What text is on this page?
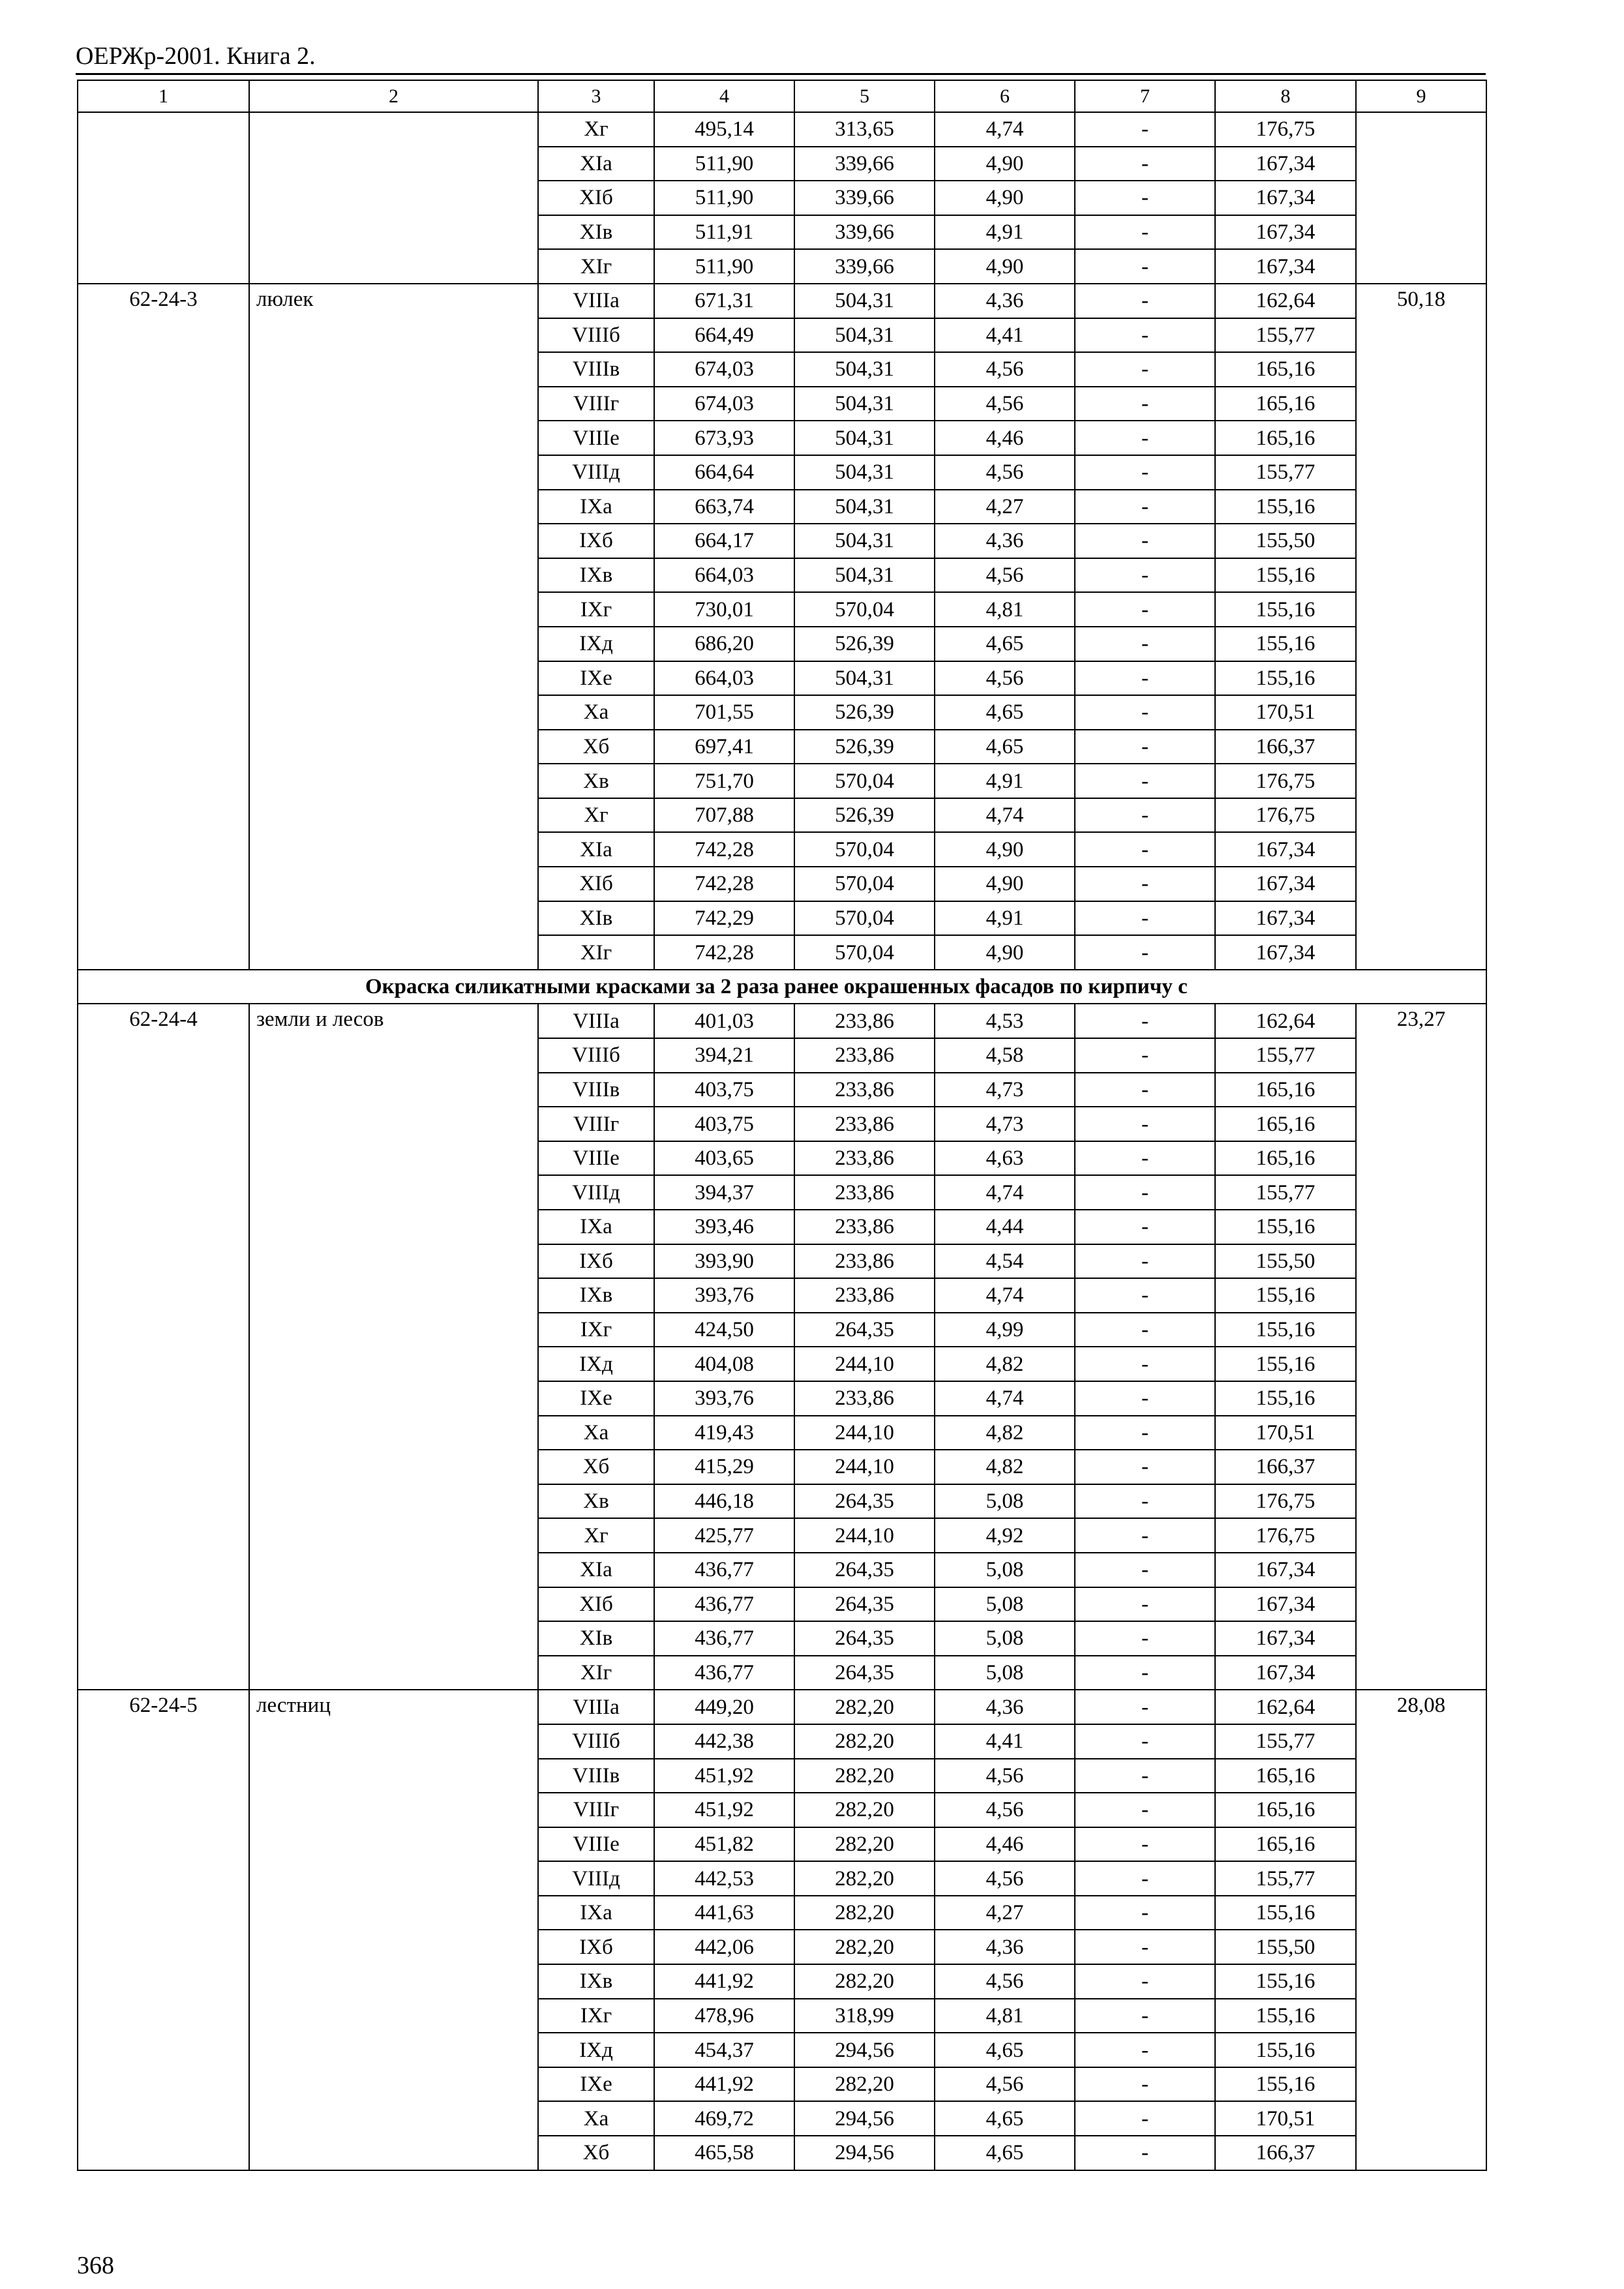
ОЕРЖр-2001. Книга 2.
1	2	3	4	5	6	7	8	9
		Xг	495,14	313,65	4,74	-	176,75	
		XIа	511,90	339,66	4,90	-	167,34	
		XIб	511,90	339,66	4,90	-	167,34	
		XIв	511,91	339,66	4,91	-	167,34	
		XIг	511,90	339,66	4,90	-	167,34	
62-24-3	люлек	VIIIа	671,31	504,31	4,36	-	162,64	50,18
		VIIIб	664,49	504,31	4,41	-	155,77	
		VIIIв	674,03	504,31	4,56	-	165,16	
		VIIIг	674,03	504,31	4,56	-	165,16	
		VIIIе	673,93	504,31	4,46	-	165,16	
		VIIIд	664,64	504,31	4,56	-	155,77	
		IXа	663,74	504,31	4,27	-	155,16	
		IXб	664,17	504,31	4,36	-	155,50	
		IXв	664,03	504,31	4,56	-	155,16	
		IXг	730,01	570,04	4,81	-	155,16	
		IXд	686,20	526,39	4,65	-	155,16	
		IXе	664,03	504,31	4,56	-	155,16	
		Xа	701,55	526,39	4,65	-	170,51	
		Xб	697,41	526,39	4,65	-	166,37	
		Xв	751,70	570,04	4,91	-	176,75	
		Xг	707,88	526,39	4,74	-	176,75	
		XIа	742,28	570,04	4,90	-	167,34	
		XIб	742,28	570,04	4,90	-	167,34	
		XIв	742,29	570,04	4,91	-	167,34	
		XIг	742,28	570,04	4,90	-	167,34	
Окраска силикатными красками за 2 раза ранее окрашенных фасадов по кирпичу с								
62-24-4	земли и лесов	VIIIа	401,03	233,86	4,53	-	162,64	23,27
		VIIIб	394,21	233,86	4,58	-	155,77	
		VIIIв	403,75	233,86	4,73	-	165,16	
		VIIIг	403,75	233,86	4,73	-	165,16	
		VIIIе	403,65	233,86	4,63	-	165,16	
		VIIIд	394,37	233,86	4,74	-	155,77	
		IXа	393,46	233,86	4,44	-	155,16	
		IXб	393,90	233,86	4,54	-	155,50	
		IXв	393,76	233,86	4,74	-	155,16	
		IXг	424,50	264,35	4,99	-	155,16	
		IXд	404,08	244,10	4,82	-	155,16	
		IXе	393,76	233,86	4,74	-	155,16	
		Xа	419,43	244,10	4,82	-	170,51	
		Xб	415,29	244,10	4,82	-	166,37	
		Xв	446,18	264,35	5,08	-	176,75	
		Xг	425,77	244,10	4,92	-	176,75	
		XIа	436,77	264,35	5,08	-	167,34	
		XIб	436,77	264,35	5,08	-	167,34	
		XIв	436,77	264,35	5,08	-	167,34	
		XIг	436,77	264,35	5,08	-	167,34	
62-24-5	лестниц	VIIIа	449,20	282,20	4,36	-	162,64	28,08
		VIIIб	442,38	282,20	4,41	-	155,77	
		VIIIв	451,92	282,20	4,56	-	165,16	
		VIIIг	451,92	282,20	4,56	-	165,16	
		VIIIе	451,82	282,20	4,46	-	165,16	
		VIIIд	442,53	282,20	4,56	-	155,77	
		IXа	441,63	282,20	4,27	-	155,16	
		IXб	442,06	282,20	4,36	-	155,50	
		IXв	441,92	282,20	4,56	-	155,16	
		IXг	478,96	318,99	4,81	-	155,16	
		IXд	454,37	294,56	4,65	-	155,16	
		IXе	441,92	282,20	4,56	-	155,16	
		Xа	469,72	294,56	4,65	-	170,51	
		Xб	465,58	294,56	4,65	-	166,37	
368
